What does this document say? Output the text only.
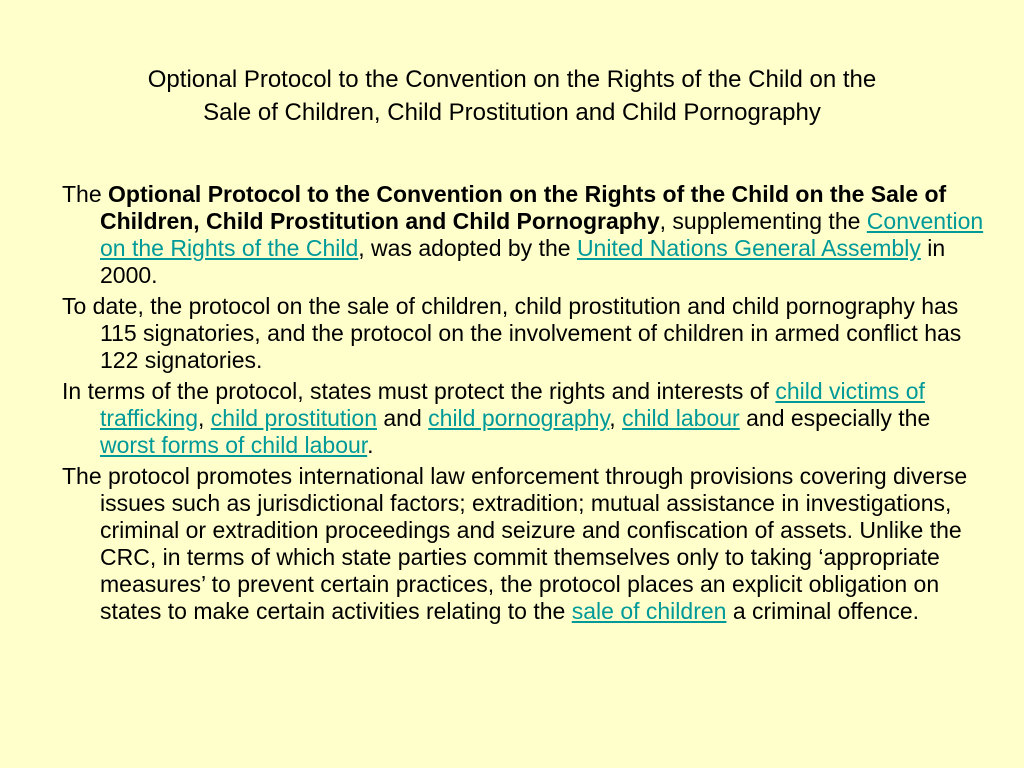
Optional Protocol to the Convention on the Rights of the Child on the
Sale of Children, Child Prostitution and Child Pornography

The Optional Protocol to the Convention on the Rights of the Child on the Sale of Children, Child Prostitution and Child Pornography, supplementing the Convention on the Rights of the Child, was adopted by the United Nations General Assembly in 2000.

To date, the protocol on the sale of children, child prostitution and child pornography has 115 signatories, and the protocol on the involvement of children in armed conflict has 122 signatories.

In terms of the protocol, states must protect the rights and interests of child victims of trafficking, child prostitution and child pornography, child labour and especially the worst forms of child labour.

The protocol promotes international law enforcement through provisions covering diverse issues such as jurisdictional factors; extradition; mutual assistance in investigations, criminal or extradition proceedings and seizure and confiscation of assets. Unlike the CRC, in terms of which state parties commit themselves only to taking ‘appropriate measures’ to prevent certain practices, the protocol places an explicit obligation on states to make certain activities relating to the sale of children a criminal offence.
